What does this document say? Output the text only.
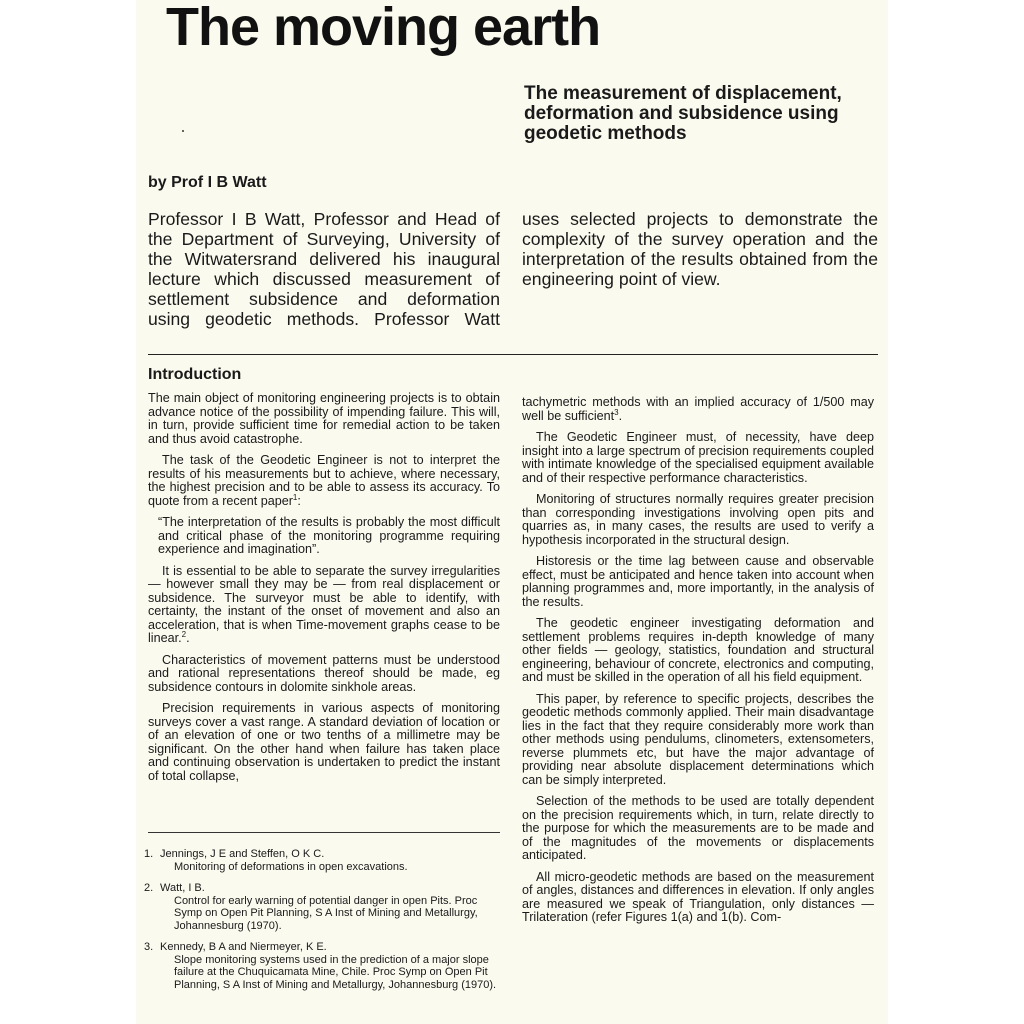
The moving earth
The measurement of displacement, deformation and subsidence using geodetic methods

by Prof I B Watt

Professor I B Watt, Professor and Head of the Department of Surveying, University of the Witwatersrand delivered his inaugural lecture which discussed measurement of settlement subsidence and deformation using geodetic methods. Professor Watt

uses selected projects to demonstrate the complexity of the survey operation and the interpretation of the results obtained from the engineering point of view.

Introduction

The main object of monitoring engineering projects is to obtain advance notice of the possibility of impending failure. This will, in turn, provide sufficient time for remedial action to be taken and thus avoid catastrophe.

The task of the Geodetic Engineer is not to interpret the results of his measurements but to achieve, where necessary, the highest precision and to be able to assess its accuracy. To quote from a recent paper$^1$:

“The interpretation of the results is probably the most difficult and critical phase of the monitoring programme requiring experience and imagination”.

It is essential to be able to separate the survey irregularities — however small they may be — from real displacement or subsidence. The surveyor must be able to identify, with certainty, the instant of the onset of movement and also an acceleration, that is when Time-movement graphs cease to be linear.$^2$.

Characteristics of movement patterns must be understood and rational representations thereof should be made, eg subsidence contours in dolomite sinkhole areas.

Precision requirements in various aspects of monitoring surveys cover a vast range. A standard deviation of location or of an elevation of one or two tenths of a millimetre may be significant. On the other hand when failure has taken place and continuing observation is undertaken to predict the instant of total collapse,

1. Jennings, J E and Steffen, O K C.
Monitoring of deformations in open excavations.
2. Watt, I B.
Control for early warning of potential danger in open Pits. Proc Symp on Open Pit Planning, S A Inst of Mining and Metallurgy, Johannesburg (1970).
3. Kennedy, B A and Niermeyer, K E.
Slope monitoring systems used in the prediction of a major slope failure at the Chuquicamata Mine, Chile. Proc Symp on Open Pit Planning, S A Inst of Mining and Metallurgy, Johannesburg (1970).

tachymetric methods with an implied accuracy of 1/500 may well be sufficient$^3$.

The Geodetic Engineer must, of necessity, have deep insight into a large spectrum of precision requirements coupled with intimate knowledge of the specialised equipment available and of their respective performance characteristics.

Monitoring of structures normally requires greater precision than corresponding investigations involving open pits and quarries as, in many cases, the results are used to verify a hypothesis incorporated in the structural design.

Historesis or the time lag between cause and observable effect, must be anticipated and hence taken into account when planning programmes and, more importantly, in the analysis of the results.

The geodetic engineer investigating deformation and settlement problems requires in-depth knowledge of many other fields — geology, statistics, foundation and structural engineering, behaviour of concrete, electronics and computing, and must be skilled in the operation of all his field equipment.

This paper, by reference to specific projects, describes the geodetic methods commonly applied. Their main disadvantage lies in the fact that they require considerably more work than other methods using pendulums, clinometers, extensometers, reverse plummets etc, but have the major advantage of providing near absolute displacement determinations which can be simply interpreted.

Selection of the methods to be used are totally dependent on the precision requirements which, in turn, relate directly to the purpose for which the measurements are to be made and of the magnitudes of the movements or displacements anticipated.

All micro-geodetic methods are based on the measurement of angles, distances and differences in elevation. If only angles are measured we speak of Triangulation, only distances — Trilateration (refer Figures 1(a) and 1(b). Com-
